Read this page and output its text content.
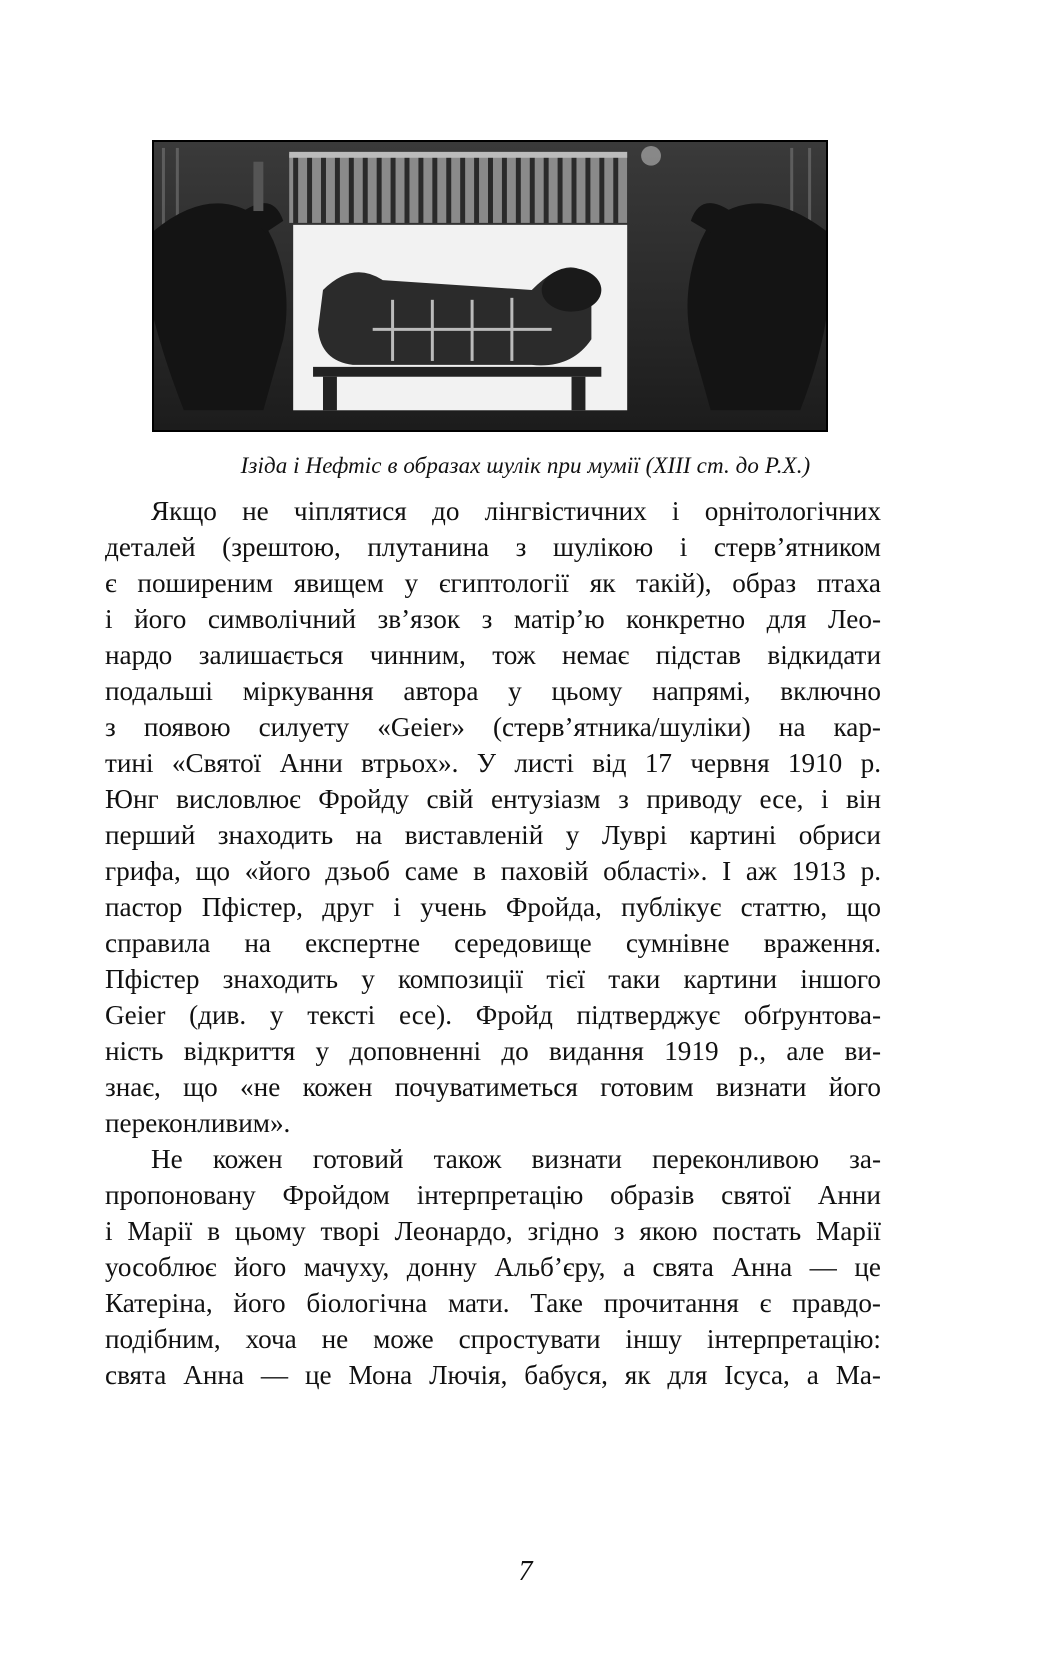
Ізіда і Нефтіс в образах шулік при мумії (XIII ст. до Р.Х.)
Якщо не чіплятися до лінгвістичних і орнітологічних
деталей (зрештою, плутанина з шулікою і стерв’ятником
є поширеним явищем у єгиптології як такій), образ птаха
і його символічний зв’язок з матір’ю конкретно для Лео-
нардо залишається чинним, тож немає підстав відкидати
подальші міркування автора у цьому напрямі, включно
з появою силуету «Geier» (стерв’ятника/шуліки) на кар-
тині «Святої Анни втрьох». У листі від 17 червня 1910 р.
Юнг висловлює Фройду свій ентузіазм з приводу есе, і він
перший знаходить на виставленій у Луврі картині обриси
грифа, що «його дзьоб саме в паховій області». І аж 1913 р.
пастор Пфістер, друг і учень Фройда, публікує статтю, що
справила на експертне середовище сумнівне враження.
Пфістер знаходить у композиції тієї таки картини іншого
Geier (див. у тексті есе). Фройд підтверджує обґрунтова-
ність відкриття у доповненні до видання 1919 р., але ви-
знає, що «не кожен почуватиметься готовим визнати його
переконливим».
Не кожен готовий також визнати переконливою за-
пропоновану Фройдом інтерпретацію образів святої Анни
і Марії в цьому творі Леонардо, згідно з якою постать Марії
уособлює його мачуху, донну Альб’єру, а свята Анна — це
Катеріна, його біологічна мати. Таке прочитання є правдо-
подібним, хоча не може спростувати іншу інтерпретацію:
свята Анна — це Мона Лючія, бабуся, як для Ісуса, а Ма-
7
